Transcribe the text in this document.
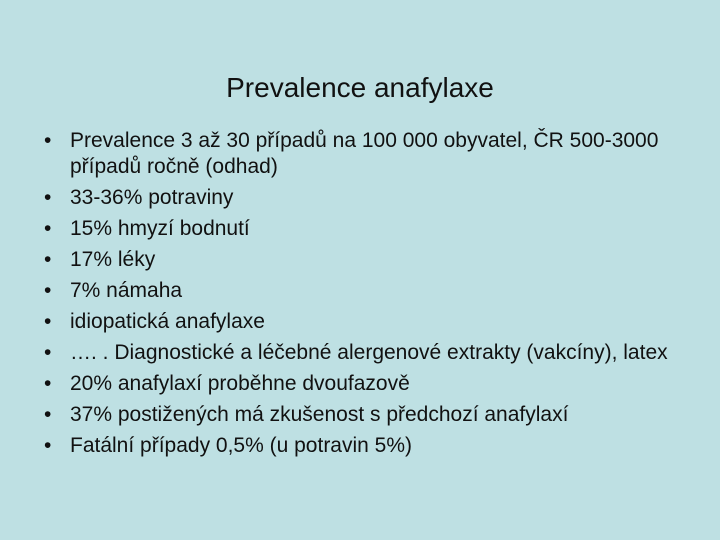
Prevalence anafylaxe
• Prevalence 3 až 30 případů na 100 000 obyvatel, ČR 500-3000 případů ročně (odhad)
• 33-36% potraviny
• 15% hmyzí bodnutí
• 17% léky
• 7% námaha
• idiopatická anafylaxe
• …. . Diagnostické a léčebné alergenové extrakty (vakcíny), latex
• 20% anafylaxí proběhne dvoufazově
• 37% postižených má zkušenost s předchozí anafylaxí
• Fatální případy 0,5% (u potravin 5%)
